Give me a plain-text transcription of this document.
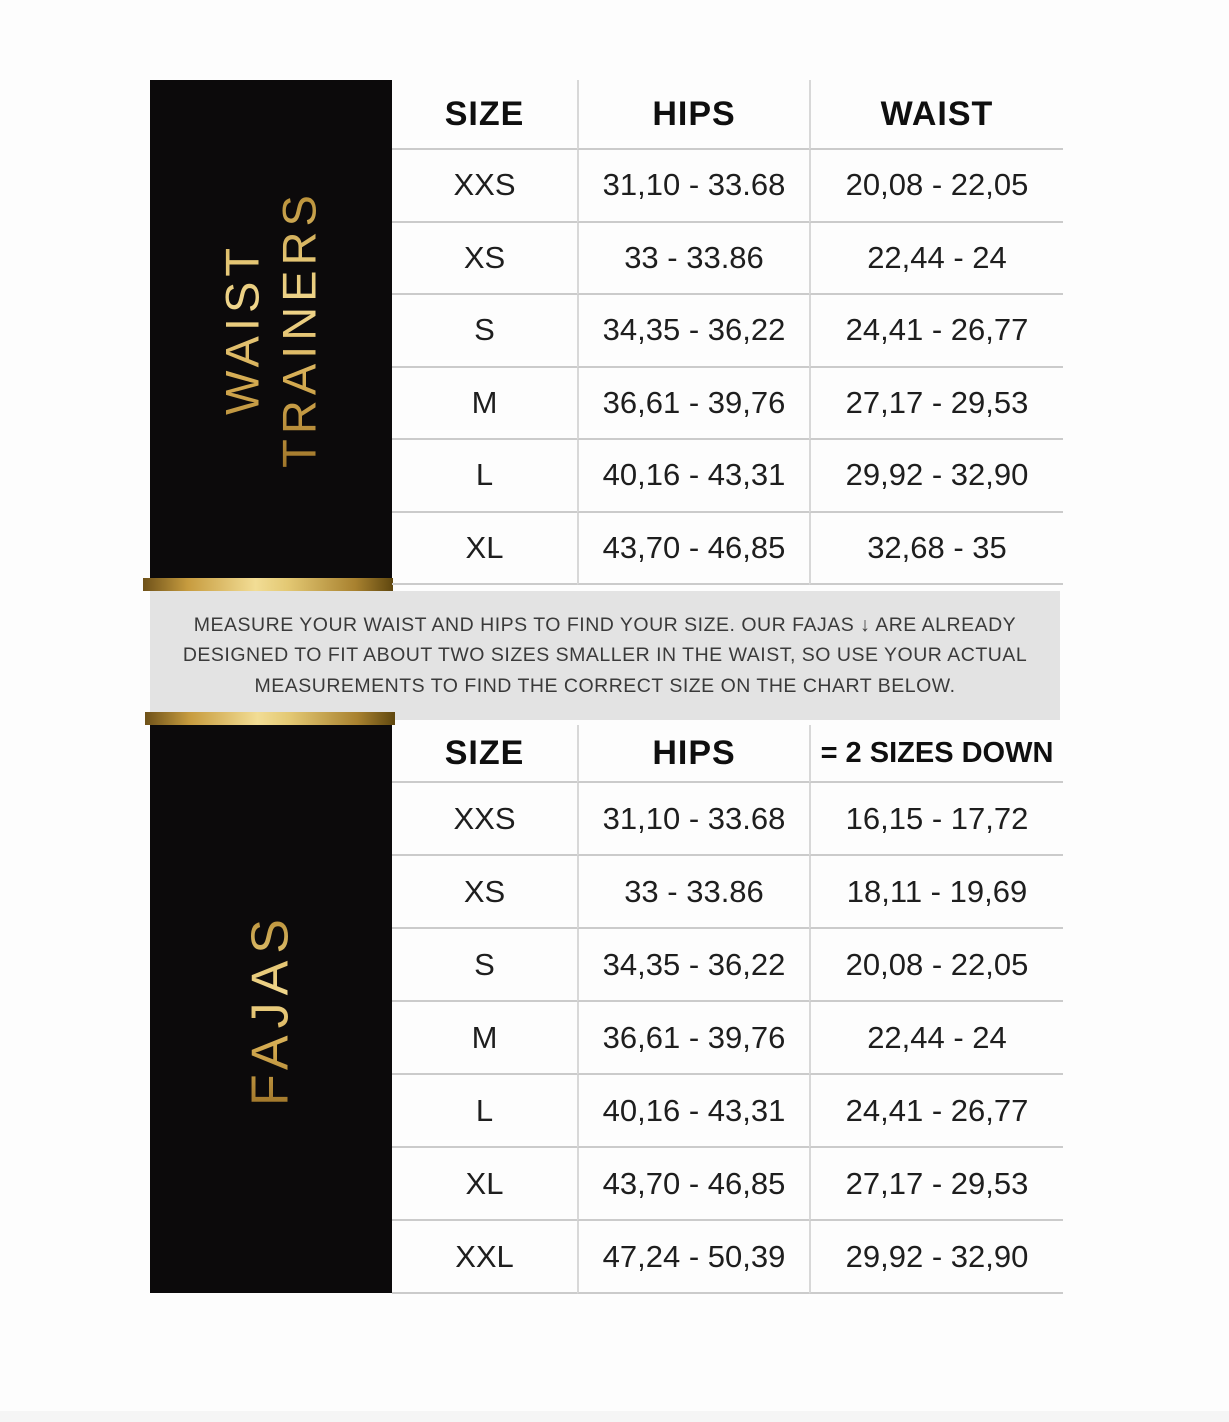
WAIST TRAINERS
SIZE	HIPS	WAIST
XXS	31,10 - 33.68	20,08 - 22,05
XS	33 - 33.86	22,44 - 24
S	34,35 - 36,22	24,41 - 26,77
M	36,61 - 39,76	27,17 - 29,53
L	40,16 - 43,31	29,92 - 32,90
XL	43,70 - 46,85	32,68 - 35
MEASURE YOUR WAIST AND HIPS TO FIND YOUR SIZE. OUR FAJAS ↓ ARE ALREADY
DESIGNED TO FIT ABOUT TWO SIZES SMALLER IN THE WAIST, SO USE YOUR ACTUAL
MEASUREMENTS TO FIND THE CORRECT SIZE ON THE CHART BELOW.
FAJAS
SIZE	HIPS	= 2 SIZES DOWN
XXS	31,10 - 33.68	16,15 - 17,72
XS	33 - 33.86	18,11 - 19,69
S	34,35 - 36,22	20,08 - 22,05
M	36,61 - 39,76	22,44 - 24
L	40,16 - 43,31	24,41 - 26,77
XL	43,70 - 46,85	27,17 - 29,53
XXL	47,24 - 50,39	29,92 - 32,90
